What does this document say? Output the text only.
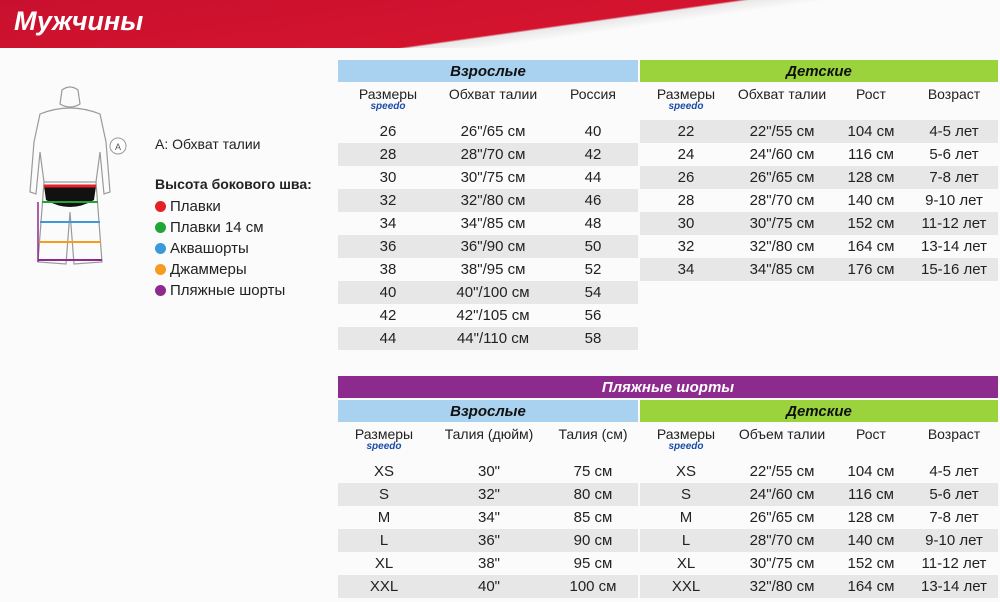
Мужчины
A A: Обхват талии
Высота бокового шва:
Плавки
Плавки 14 см
Аквашорты
Джаммеры
Пляжные шорты
Взрослые
Размеры
speedo
Обхват талии	Россия
26	26"/65 см	40
28	28"/70 см	42
30	30"/75 см	44
32	32"/80 см	46
34	34"/85 см	48
36	36"/90 см	50
38	38"/95 см	52
40	40"/100 см	54
42	42"/105 см	56
44	44"/110 см	58
Детские
Размеры
speedo
Обхват талии	Рост	Возраст
22	22"/55 см	104 см	4-5 лет
24	24"/60 см	116 см	5-6 лет
26	26"/65 см	128 см	7-8 лет
28	28"/70 см	140 см	9-10 лет
30	30"/75 см	152 см	11-12 лет
32	32"/80 см	164 см	13-14 лет
34	34"/85 см	176 см	15-16 лет
Пляжные шорты
Взрослые
Размеры
speedo
Талия (дюйм)	Талия (см)
XS	30"	75 см
S	32"	80 см
M	34"	85 см
L	36"	90 см
XL	38"	95 см
XXL	40"	100 см
Детские
Размеры
speedo
Объем талии	Рост	Возраст
XS	22"/55 см	104 см	4-5 лет
S	24"/60 см	116 см	5-6 лет
M	26"/65 см	128 см	7-8 лет
L	28"/70 см	140 см	9-10 лет
XL	30"/75 см	152 см	11-12 лет
XXL	32"/80 см	164 см	13-14 лет
